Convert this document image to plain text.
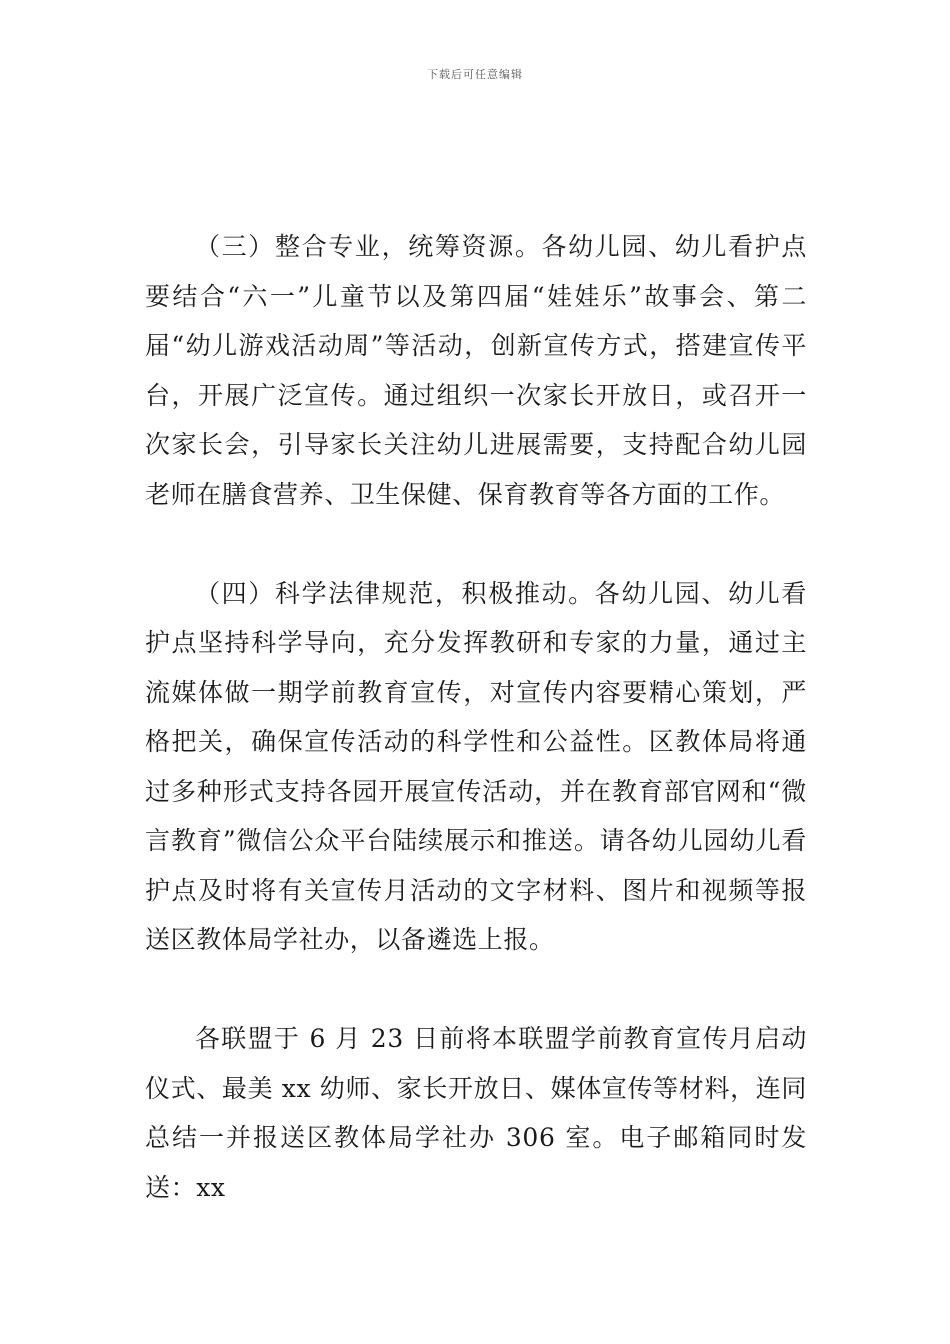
下载后可任意编辑

（三）整合专业，统筹资源。各幼儿园、幼儿看护点要结合“六一”儿童节以及第四届“娃娃乐”故事会、第二届“幼儿游戏活动周”等活动，创新宣传方式，搭建宣传平台，开展广泛宣传。通过组织一次家长开放日，或召开一次家长会，引导家长关注幼儿进展需要，支持配合幼儿园老师在膳食营养、卫生保健、保育教育等各方面的工作。

（四）科学法律规范，积极推动。各幼儿园、幼儿看护点坚持科学导向，充分发挥教研和专家的力量，通过主流媒体做一期学前教育宣传，对宣传内容要精心策划，严格把关，确保宣传活动的科学性和公益性。区教体局将通过多种形式支持各园开展宣传活动，并在教育部官网和“微言教育”微信公众平台陆续展示和推送。请各幼儿园幼儿看护点及时将有关宣传月活动的文字材料、图片和视频等报送区教体局学社办，以备遴选上报。

各联盟于 6 月 23 日前将本联盟学前教育宣传月启动仪式、最美 xx 幼师、家长开放日、媒体宣传等材料，连同总结一并报送区教体局学社办 306 室。电子邮箱同时发送：xx
